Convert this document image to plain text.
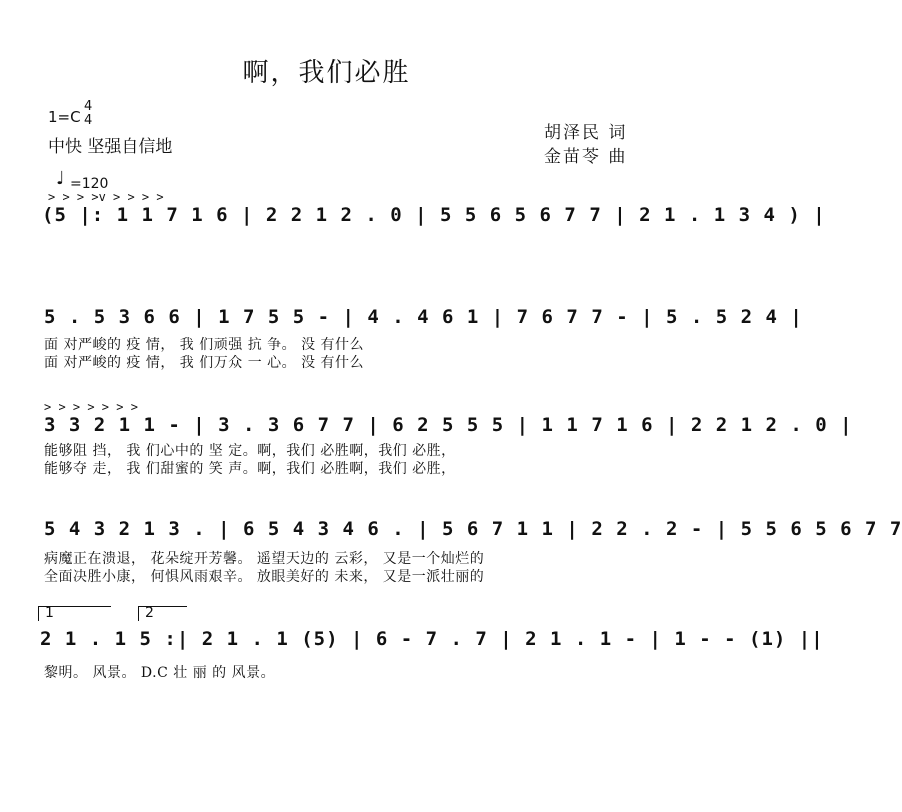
啊，我们必胜
1=C
4
4
中快 坚强自信地
胡泽民 词
金苗苓 曲
♩ =120
> > > >v > > > >
(5 |: 1 1 7 1 6 | 2 2 1 2 . 0 | 5 5 6 5 6 7 7 | 2 1 . 1 3 4 ) |
5 . 5 3 6 6 | 1 7 5 5 - | 4 . 4 6 1 | 7 6 7 7 - | 5 . 5 2 4 |
面 对严峻的 疫 情， 我 们顽强 抗 争。 没 有什么
面 对严峻的 疫 情， 我 们万众 一 心。 没 有什么
> > > > > > >
3 3 2 1 1 - | 3 . 3 6 7 7 | 6 2 5 5 5 | 1 1 7 1 6 | 2 2 1 2 . 0 |
能够阻 挡， 我 们心中的 坚 定。啊，我们 必胜啊，我们 必胜，
能够夺 走， 我 们甜蜜的 笑 声。啊，我们 必胜啊，我们 必胜，
5 4 3 2 1 3 . | 6 5 4 3 4 6 . | 5 6 7 1 1 | 2 2 . 2 - | 5 5 6 5 6 7 7
病魔正在溃退， 花朵绽开芳馨。 遥望天边的 云彩， 又是一个灿烂的
全面决胜小康， 何惧风雨艰辛。 放眼美好的 未来， 又是一派壮丽的
1	2
2 1 . 1 5 :| 2 1 . 1 (5) | 6 - 7 . 7 | 2 1 . 1 - | 1 - - (1) ||
黎明。 风景。 D.C 壮 丽 的 风景。
